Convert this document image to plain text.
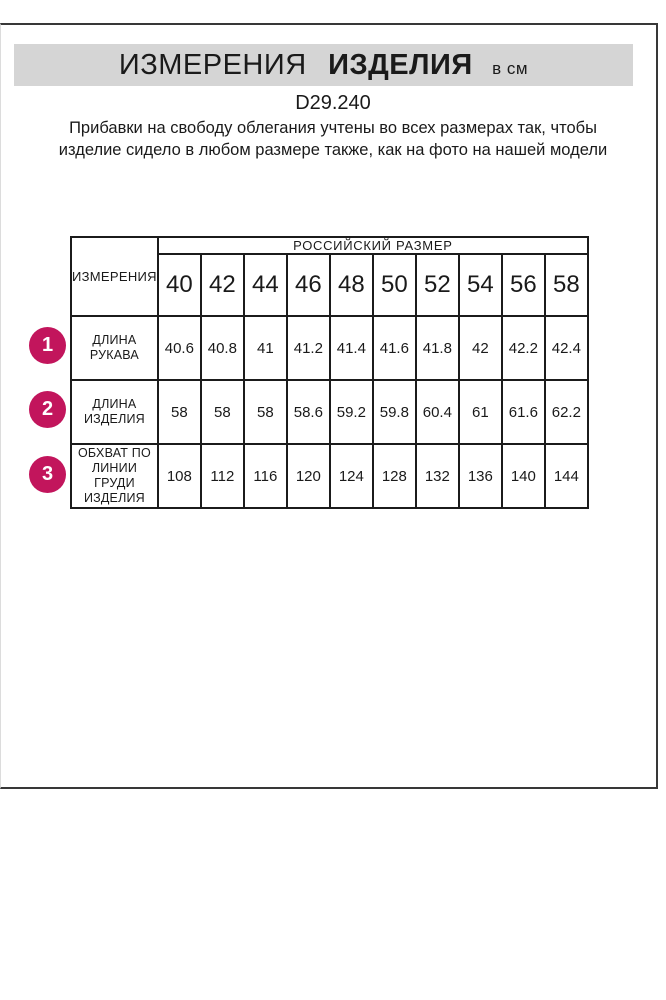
ИЗМЕРЕНИЯ ИЗДЕЛИЯ в см
D29.240
Прибавки на свободу облегания учтены во всех размерах так, чтобы изделие сидело в любом размере также, как на фото на нашей модели
ИЗМЕРЕНИЯ	РОССИЙСКИЙ РАЗМЕР									
	40	42	44	46	48	50	52	54	56	58
ДЛИНА РУКАВА	40.6	40.8	41	41.2	41.4	41.6	41.8	42	42.2	42.4
ДЛИНА ИЗДЕЛИЯ	58	58	58	58.6	59.2	59.8	60.4	61	61.6	62.2
ОБХВАТ ПО ЛИНИИ ГРУДИ ИЗДЕЛИЯ	108	112	116	120	124	128	132	136	140	144
1
2
3
